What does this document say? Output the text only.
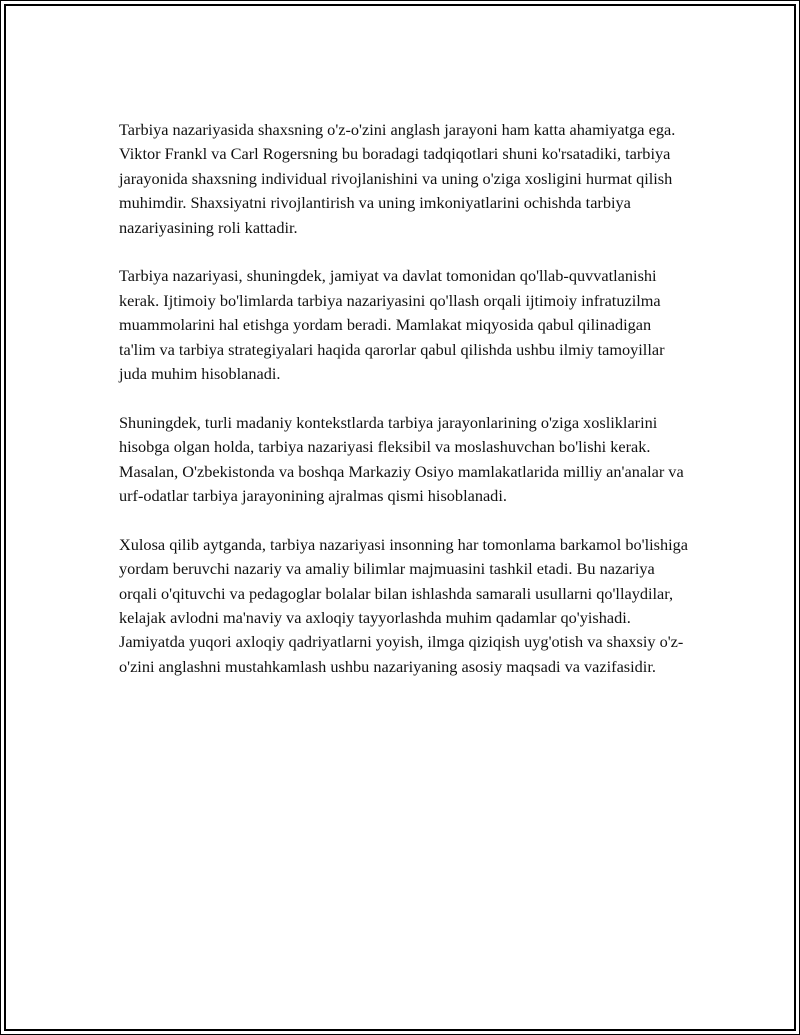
Tarbiya nazariyasida shaxsning o'z-o'zini anglash jarayoni ham katta ahamiyatga ega. Viktor Frankl va Carl Rogersning bu boradagi tadqiqotlari shuni ko'rsatadiki, tarbiya jarayonida shaxsning individual rivojlanishini va uning o'ziga xosligini hurmat qilish muhimdir. Shaxsiyatni rivojlantirish va uning imkoniyatlarini ochishda tarbiya nazariyasining roli kattadir.

Tarbiya nazariyasi, shuningdek, jamiyat va davlat tomonidan qo'llab-quvvatlanishi kerak. Ijtimoiy bo'limlarda tarbiya nazariyasini qo'llash orqali ijtimoiy infratuzilma muammolarini hal etishga yordam beradi. Mamlakat miqyosida qabul qilinadigan ta'lim va tarbiya strategiyalari haqida qarorlar qabul qilishda ushbu ilmiy tamoyillar juda muhim hisoblanadi.

Shuningdek, turli madaniy kontekstlarda tarbiya jarayonlarining o'ziga xosliklarini hisobga olgan holda, tarbiya nazariyasi fleksibil va moslashuvchan bo'lishi kerak. Masalan, O'zbekistonda va boshqa Markaziy Osiyo mamlakatlarida milliy an'analar va urf-odatlar tarbiya jarayonining ajralmas qismi hisoblanadi.

Xulosa qilib aytganda, tarbiya nazariyasi insonning har tomonlama barkamol bo'lishiga yordam beruvchi nazariy va amaliy bilimlar majmuasini tashkil etadi. Bu nazariya orqali o'qituvchi va pedagoglar bolalar bilan ishlashda samarali usullarni qo'llaydilar, kelajak avlodni ma'naviy va axloqiy tayyorlashda muhim qadamlar qo'yishadi. Jamiyatda yuqori axloqiy qadriyatlarni yoyish, ilmga qiziqish uyg'otish va shaxsiy o'z-o'zini anglashni mustahkamlash ushbu nazariyaning asosiy maqsadi va vazifasidir.
